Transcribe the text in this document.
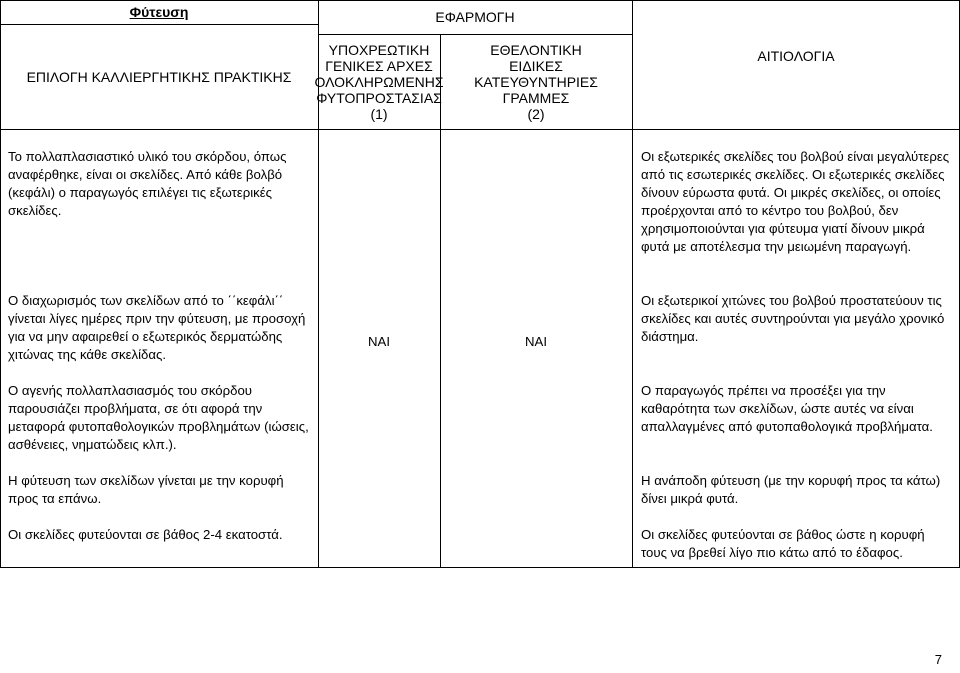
Φύτευση
ΕΠΙΛΟΓΗ ΚΑΛΛΙΕΡΓΗΤΙΚΗΣ ΠΡΑΚΤΙΚΗΣ
ΕΦΑΡΜΟΓΗ
ΥΠΟΧΡΕΩΤΙΚΗ
ΓΕΝΙΚΕΣ ΑΡΧΕΣ
ΟΛΟΚΛΗΡΩΜΕΝΗΣ
ΦΥΤΟΠΡΟΣΤΑΣΙΑΣ
(1)
ΕΘΕΛΟΝΤΙΚΗ
ΕΙΔΙΚΕΣ
ΚΑΤΕΥΘΥΝΤΗΡΙΕΣ
ΓΡΑΜΜΕΣ
(2)
ΑΙΤΙΟΛΟΓΙΑ
Το πολλαπλασιαστικό υλικό του σκόρδου, όπως αναφέρθηκε, είναι οι σκελίδες. Από κάθε βολβό (κεφάλι) ο παραγωγός επιλέγει τις εξωτερικές σκελίδες.
Ο διαχωρισμός των σκελίδων από το ΄΄κεφάλι΄΄ γίνεται λίγες ημέρες πριν την φύτευση, με προσοχή για να μην αφαιρεθεί ο εξωτερικός δερματώδης χιτώνας της κάθε σκελίδας.
Ο αγενής πολλαπλασιασμός του σκόρδου παρουσιάζει προβλήματα, σε ότι αφορά την μεταφορά φυτοπαθολογικών προβλημάτων (ιώσεις, ασθένειες, νηματώδεις κλπ.).
Η φύτευση των σκελίδων γίνεται με την κορυφή προς τα επάνω.
Οι σκελίδες φυτεύονται σε βάθος 2-4 εκατοστά.
ΝΑΙ	ΝΑΙ
Οι εξωτερικές σκελίδες του βολβού είναι μεγαλύτερες από τις εσωτερικές σκελίδες. Οι εξωτερικές σκελίδες δίνουν εύρωστα φυτά. Οι μικρές σκελίδες, οι οποίες προέρχονται από το κέντρο του βολβού, δεν χρησιμοποιούνται για φύτευμα γιατί δίνουν μικρά φυτά με αποτέλεσμα την μειωμένη παραγωγή.
Οι εξωτερικοί χιτώνες του βολβού προστατεύουν τις σκελίδες και αυτές συντηρούνται για μεγάλο χρονικό διάστημα.
Ο παραγωγός πρέπει να προσέξει για την καθαρότητα των σκελίδων, ώστε αυτές να είναι απαλλαγμένες από φυτοπαθολογικά προβλήματα.
Η ανάποδη φύτευση (με την κορυφή προς τα κάτω) δίνει μικρά φυτά.
Οι σκελίδες φυτεύονται σε βάθος ώστε η κορυφή τους να βρεθεί λίγο πιο κάτω από το έδαφος.
7
